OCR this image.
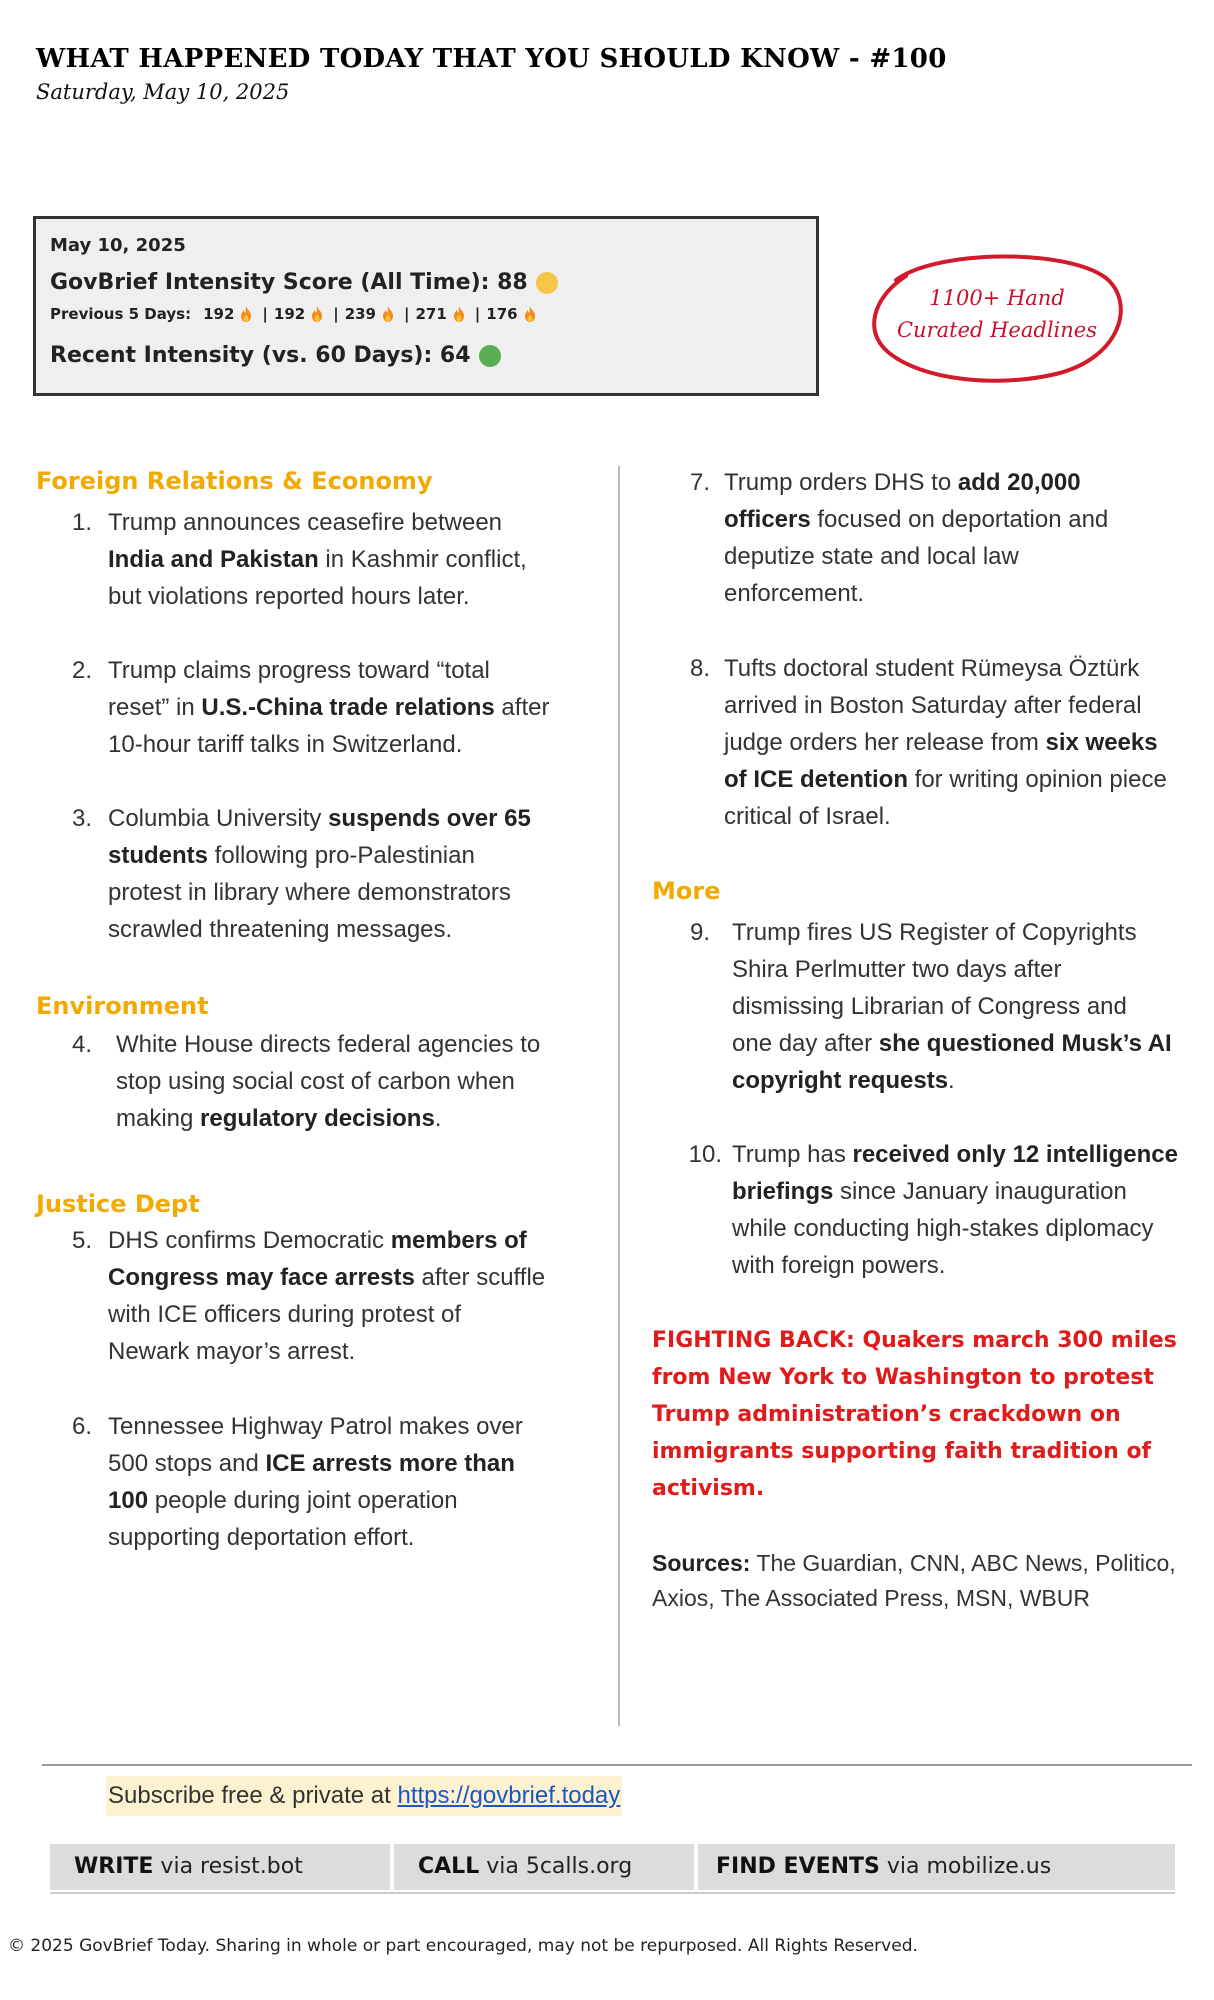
WHAT HAPPENED TODAY THAT YOU SHOULD KNOW - #100
Saturday, May 10, 2025
May 10, 2025
GovBrief Intensity Score (All Time): 88
Previous 5 Days: 192 | 192 | 239 | 271 | 176
Recent Intensity (vs. 60 Days): 64
1100+ Hand
Curated Headlines
Foreign Relations & Economy
Environment
Justice Dept
More
1. Trump announces ceasefire between
India and Pakistan in Kashmir conflict,
but violations reported hours later.
2. Trump claims progress toward “total
reset” in U.S.-China trade relations after
10-hour tariff talks in Switzerland.
3. Columbia University suspends over 65
students following pro-Palestinian
protest in library where demonstrators
scrawled threatening messages.
4. White House directs federal agencies to
stop using social cost of carbon when
making regulatory decisions.
5. DHS confirms Democratic members of
Congress may face arrests after scuffle
with ICE officers during protest of
Newark mayor’s arrest.
6. Tennessee Highway Patrol makes over
500 stops and ICE arrests more than
100 people during joint operation
supporting deportation effort.
7. Trump orders DHS to add 20,000
officers focused on deportation and
deputize state and local law
enforcement.
8. Tufts doctoral student Rümeysa Öztürk
arrived in Boston Saturday after federal
judge orders her release from six weeks
of ICE detention for writing opinion piece
critical of Israel.
9. Trump fires US Register of Copyrights
Shira Perlmutter two days after
dismissing Librarian of Congress and
one day after she questioned Musk’s AI
copyright requests.
10. Trump has received only 12 intelligence
briefings since January inauguration
while conducting high-stakes diplomacy
with foreign powers.
FIGHTING BACK: Quakers march 300 miles from New York to Washington to protest Trump administration’s crackdown on immigrants supporting faith tradition of activism.
Sources: The Guardian, CNN, ABC News, Politico, Axios, The Associated Press, MSN, WBUR
Subscribe free & private at https://govbrief.today
WRITE via resist.bot	CALL via 5calls.org	FIND EVENTS via mobilize.us
© 2025 GovBrief Today. Sharing in whole or part encouraged, may not be repurposed. All Rights Reserved.
